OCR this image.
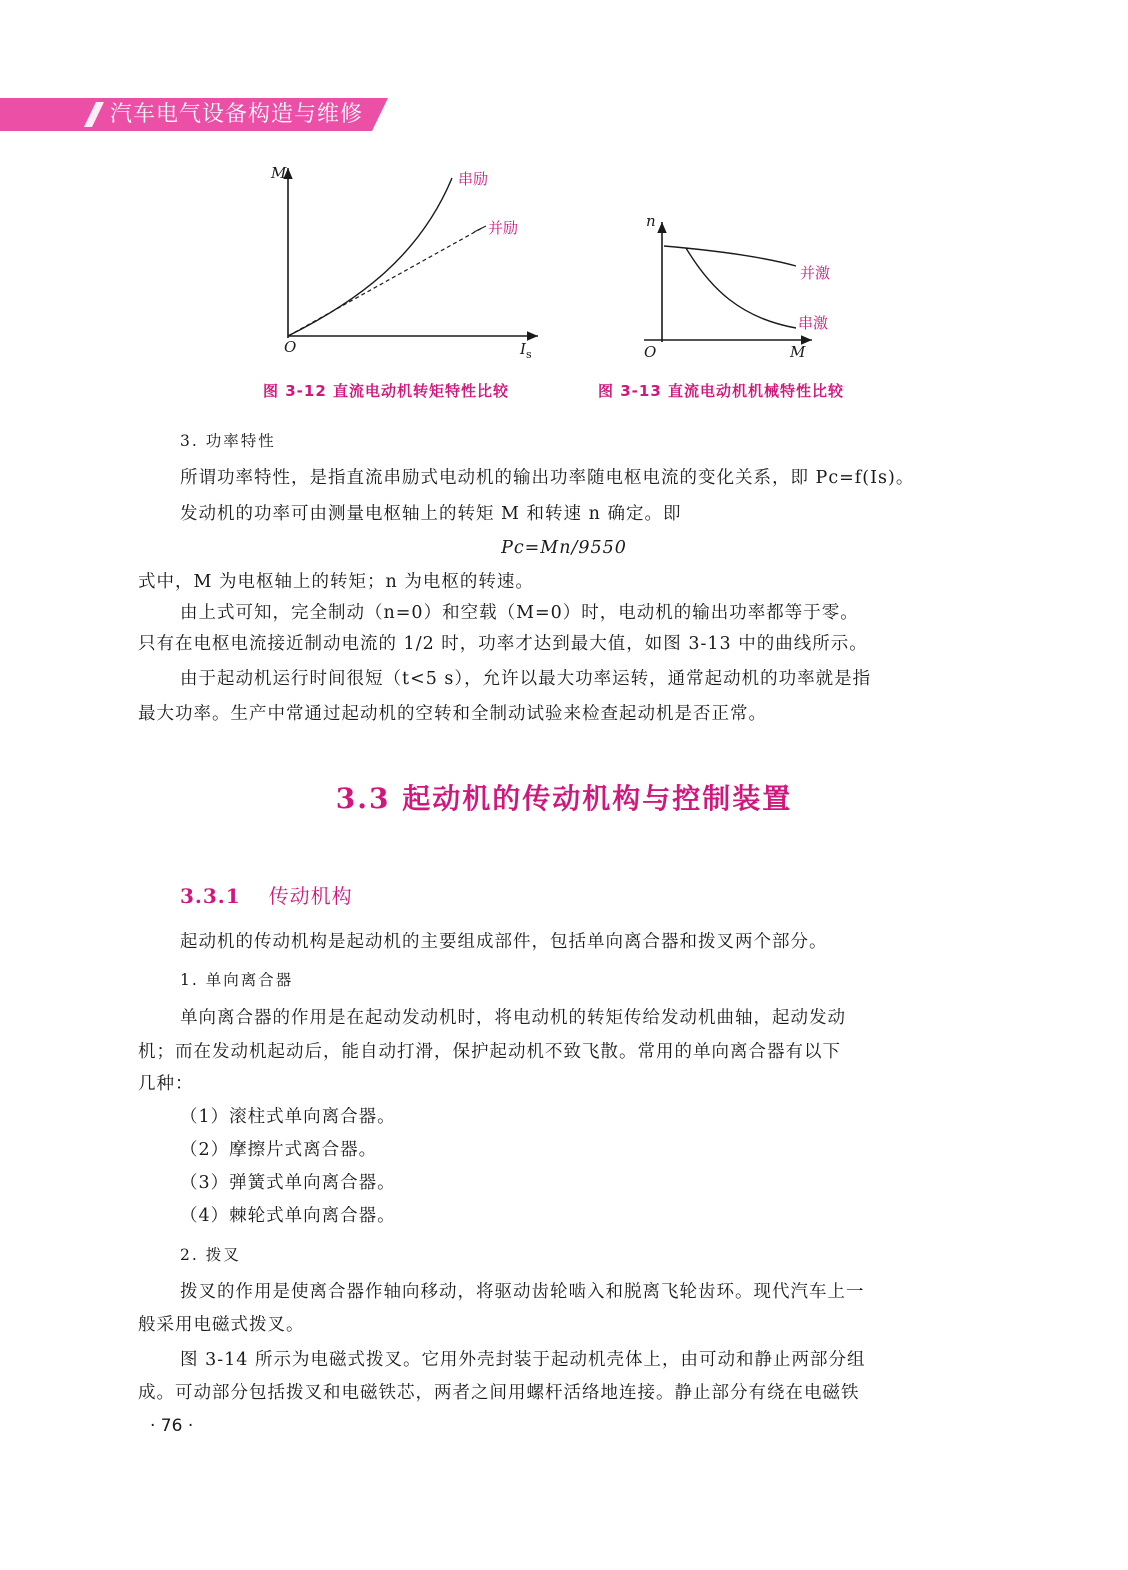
汽车电气设备构造与维修
M
O	I s
串励
并励	n
O	M
并激
串激
图 3-12 直流电动机转矩特性比较	图 3-13 直流电动机机械特性比较
3. 功率特性
所谓功率特性，是指直流串励式电动机的输出功率随电枢电流的变化关系，即 Pc=f(Is)。
发动机的功率可由测量电枢轴上的转矩 M 和转速 n 确定。即
Pc=Mn/9550
式中，M 为电枢轴上的转矩；n 为电枢的转速。
由上式可知，完全制动（n=0）和空载（M=0）时，电动机的输出功率都等于零。
只有在电枢电流接近制动电流的 1/2 时，功率才达到最大值，如图 3-13 中的曲线所示。
由于起动机运行时间很短（t<5 s），允许以最大功率运转，通常起动机的功率就是指
最大功率。生产中常通过起动机的空转和全制动试验来检查起动机是否正常。
3.3 起动机的传动机构与控制装置
3.3.1 传动机构
起动机的传动机构是起动机的主要组成部件，包括单向离合器和拨叉两个部分。
1. 单向离合器
单向离合器的作用是在起动发动机时，将电动机的转矩传给发动机曲轴，起动发动
机；而在发动机起动后，能自动打滑，保护起动机不致飞散。常用的单向离合器有以下
几种：
（1）滚柱式单向离合器。
（2）摩擦片式离合器。
（3）弹簧式单向离合器。
（4）棘轮式单向离合器。
2. 拨叉
拨叉的作用是使离合器作轴向移动，将驱动齿轮啮入和脱离飞轮齿环。现代汽车上一
般采用电磁式拨叉。
图 3-14 所示为电磁式拨叉。它用外壳封装于起动机壳体上，由可动和静止两部分组
成。可动部分包括拨叉和电磁铁芯，两者之间用螺杆活络地连接。静止部分有绕在电磁铁
· 76 ·
